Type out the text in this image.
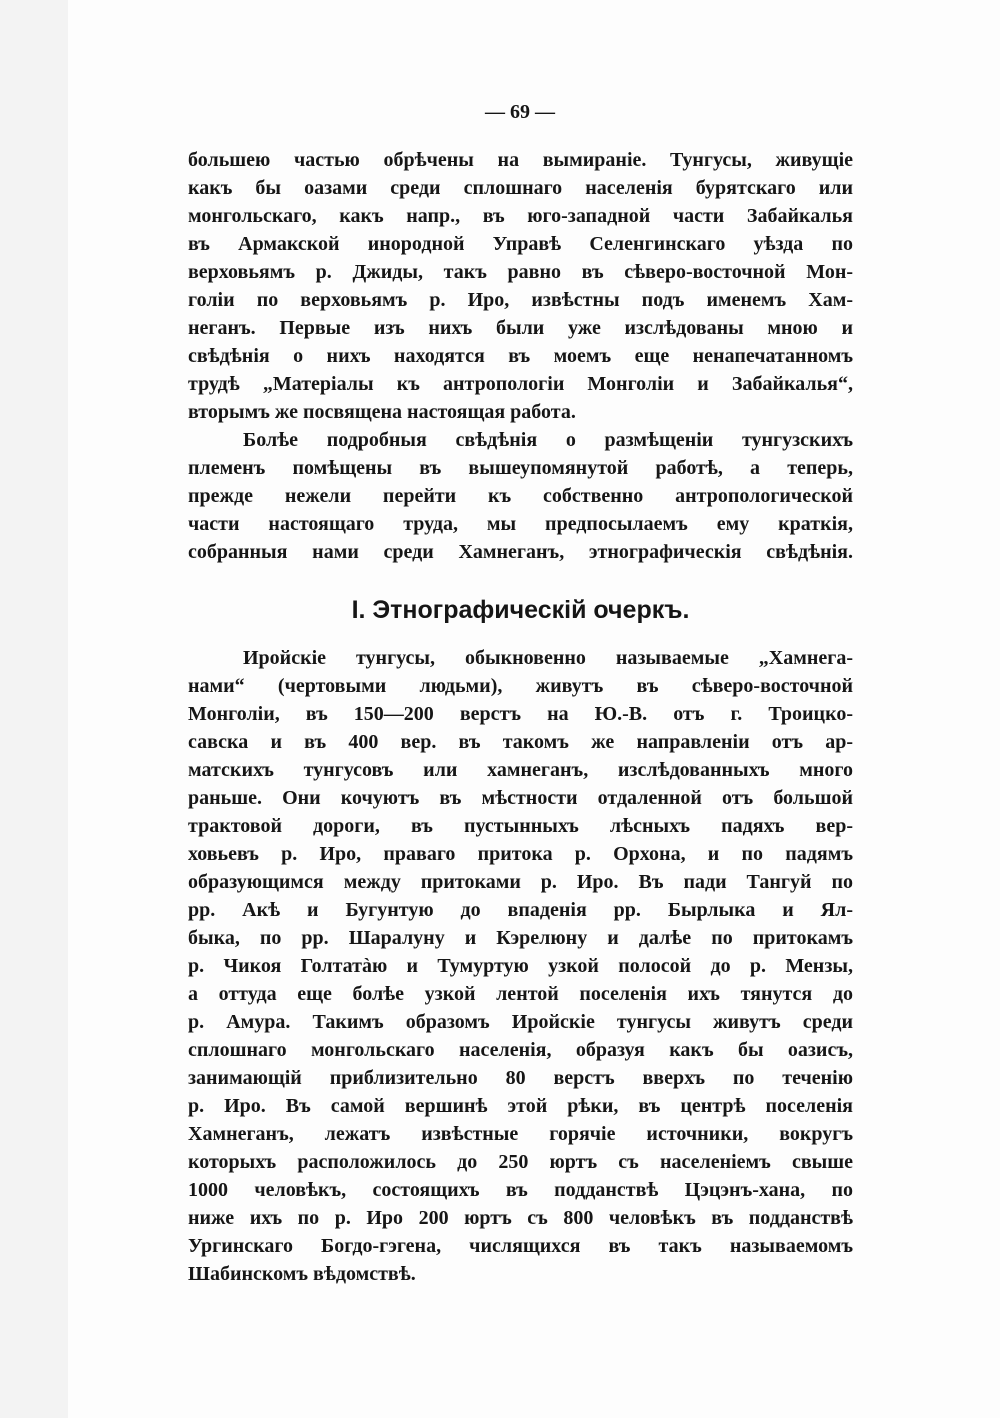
— 69 —
большею частью обрѣчены на вымираніе. Тунгусы, живущіе
какъ бы оазами среди сплошнаго населенія бурятскаго или
монгольскаго, какъ напр., въ юго-западной части Забайкалья
въ Армакской инородной Управѣ Селенгинскаго уѣзда по
верховьямъ р. Джиды, такъ равно въ сѣверо-восточной Мон-
голіи по верховьямъ р. Иро, извѣстны подъ именемъ Хам-
неганъ. Первые изъ нихъ были уже изслѣдованы мною и
свѣдѣнія о нихъ находятся въ моемъ еще ненапечатанномъ
трудѣ „Матеріалы къ антропологіи Монголіи и Забайкалья“,
вторымъ же посвящена настоящая работа.
Болѣе подробныя свѣдѣнія о размѣщеніи тунгузскихъ
племенъ помѣщены въ вышеупомянутой работѣ, а теперь,
прежде нежели перейти къ собственно антропологической
части настоящаго труда, мы предпосылаемъ ему краткія,
собранныя нами среди Хамнеганъ, этнографическія свѣдѣнія.
I. Этнографическій очеркъ.
Иройскіе тунгусы, обыкновенно называемые „Хамнега-
нами“ (чертовыми людьми), живутъ въ сѣверо-восточной
Монголіи, въ 150—200 верстъ на Ю.-В. отъ г. Троицко-
савска и въ 400 вер. въ такомъ же направленіи отъ ар-
матскихъ тунгусовъ или хамнеганъ, изслѣдованныхъ много
раньше. Они кочуютъ въ мѣстности отдаленной отъ большой
трактовой дороги, въ пустынныхъ лѣсныхъ падяхъ вер-
ховьевъ р. Иро, праваго притока р. Орхона, и по падямъ
образующимся между притоками р. Иро. Въ пади Тангуй по
рр. Акѣ и Бугунтую до впаденія рр. Бырлыка и Ял-
быка, по рр. Шаралуну и Кэрелюну и далѣе по притокамъ
р. Чикоя Голтатàю и Тумуртую узкой полосой до р. Мензы,
а оттуда еще болѣе узкой лентой поселенія ихъ тянутся до
р. Амура. Такимъ образомъ Иройскіе тунгусы живутъ среди
сплошнаго монгольскаго населенія, образуя какъ бы оазисъ,
занимающій приблизительно 80 верстъ вверхъ по теченію
р. Иро. Въ самой вершинѣ этой рѣки, въ центрѣ поселенія
Хамнеганъ, лежатъ извѣстные горячіе источники, вокругъ
которыхъ расположилось до 250 юртъ съ населеніемъ свыше
1000 человѣкъ, состоящихъ въ подданствѣ Цэцэнъ-хана, по
ниже ихъ по р. Иро 200 юртъ съ 800 человѣкъ въ подданствѣ
Ургинскаго Богдо-гэгена, числящихся въ такъ называемомъ
Шабинскомъ вѣдомствѣ.
